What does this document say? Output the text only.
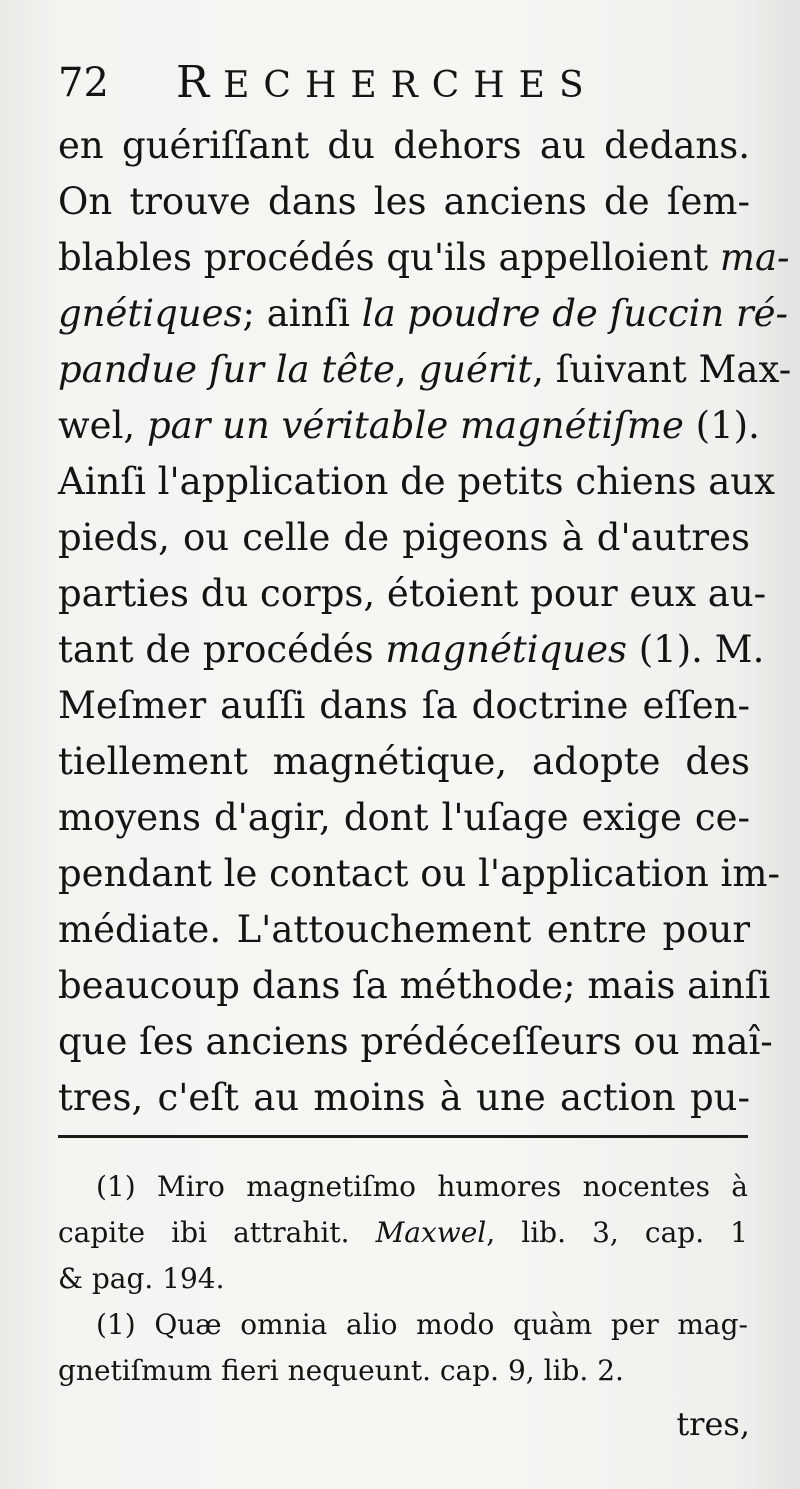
72 RECHERCHES
en guériſſant du dehors au dedans.
On trouve dans les anciens de ſem-
blables procédés qu'ils appelloient ma-
gnétiques; ainſi la poudre de ſuccin ré-
pandue ſur la tête, guérit, ſuivant Max-
wel, par un véritable magnétiſme (1).
Ainſi l'application de petits chiens aux
pieds, ou celle de pigeons à d'autres
parties du corps, étoient pour eux au-
tant de procédés magnétiques (1). M.
Meſmer auſſi dans ſa doctrine eſſen-
tiellement magnétique, adopte des
moyens d'agir, dont l'uſage exige ce-
pendant le contact ou l'application im-
médiate. L'attouchement entre pour
beaucoup dans ſa méthode; mais ainſi
que ſes anciens prédéceſſeurs ou maî-
tres, c'eſt au moins à une action pu-
(1) Miro magnetiſmo humores nocentes à
capite ibi attrahit. Maxwel, lib. 3, cap. 1
& pag. 194.
(1) Quæ omnia alio modo quàm per mag-
gnetiſmum fieri nequeunt. cap. 9, lib. 2.
tres,
